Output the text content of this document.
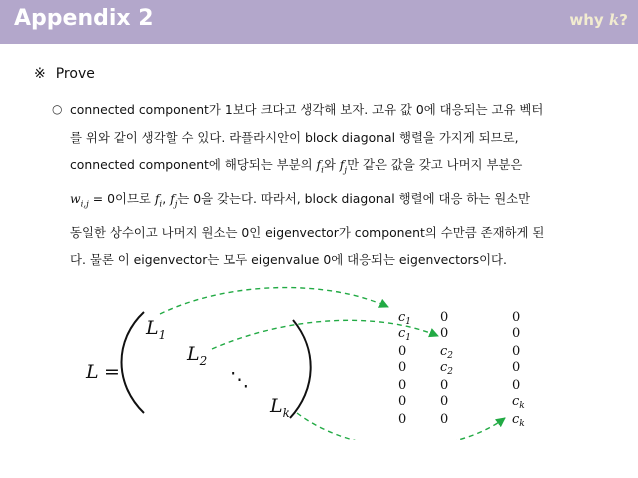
Appendix 2	why k?
※ Prove
○ connected component가 1보다 크다고 생각해 보자. 고유 값 0에 대응되는 고유 벡터
를 위와 같이 생각할 수 있다. 라플라시안이 block diagonal 행렬을 가지게 되므로,
connected component에 해당되는 부분의 $f_i$와 $f_j$만 같은 값을 갖고 나머지 부분은
$w_{i,j} = 0$이므로 $f_i$, $f_j$는 0을 갖는다. 따라서, block diagonal 행렬에 대응 하는 원소만
동일한 상수이고 나머지 원소는 0인 eigenvector가 component의 수만큼 존재하게 된
다. 물론 이 eigenvector는 모두 eigenvalue 0에 대응되는 eigenvectors이다.
L =
$L_1$
$L_2$
⋱
$L_k$
$c_1$
$c_1$
0
0
0
0
0
0
0
$c_2$
$c_2$
0
0
0
0
0
0
0
0
$c_k$
$c_k$
